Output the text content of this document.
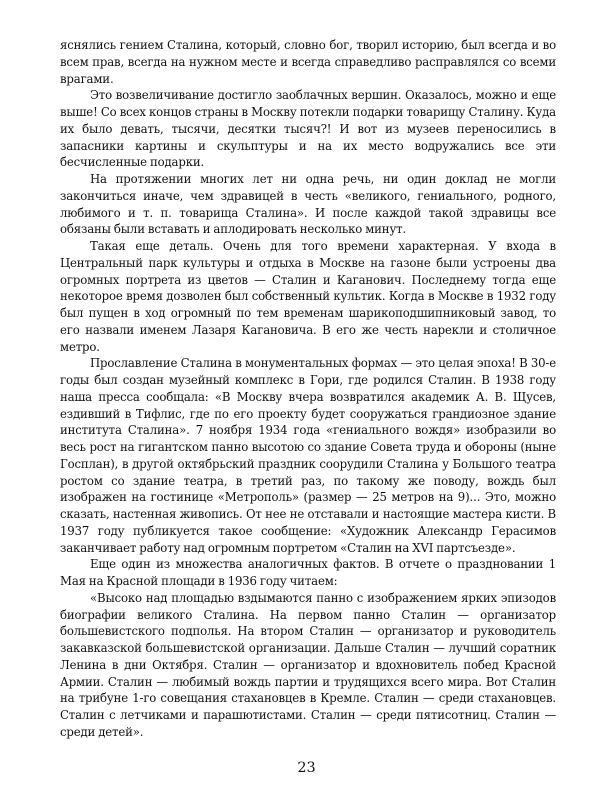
яснялись гением Сталина, который, словно бог, творил историю, был всегда и во всем прав, всегда на нужном месте и всегда справедливо расправлялся со всеми врагами.

Это возвеличивание достигло заоблачных вершин. Оказалось, можно и еще выше! Со всех концов страны в Москву потекли подарки товарищу Сталину. Куда их было девать, тысячи, десятки тысяч?! И вот из музеев переносились в запасники картины и скульптуры и на их место водружались все эти бесчисленные подарки.

На протяжении многих лет ни одна речь, ни один доклад не могли закончиться иначе, чем здравицей в честь «великого, гениального, родного, любимого и т. п. товарища Сталина». И после каждой такой здравицы все обязаны были вставать и аплодировать несколько минут.

Такая еще деталь. Очень для того времени характерная. У входа в Центральный парк культуры и отдыха в Москве на газоне были устроены два огромных портрета из цветов — Сталин и Каганович. Последнему тогда еще некоторое время дозволен был собственный культик. Когда в Москве в 1932 году был пущен в ход огромный по тем временам шарикоподшипниковый завод, то его назвали именем Лазаря Кагановича. В его же честь нарекли и столичное метро.

Прославление Сталина в монументальных формах — это целая эпоха! В 30-е годы был создан музейный комплекс в Гори, где родился Сталин. В 1938 году наша пресса сообщала: «В Москву вчера возвратился академик А. В. Щусев, ездивший в Тифлис, где по его проекту будет сооружаться грандиозное здание института Сталина». 7 ноября 1934 года «гениального вождя» изобразили во весь рост на гигантском панно высотою со здание Совета труда и обороны (ныне Госплан), в другой октябрьский праздник соорудили Сталина у Большого театра ростом со здание театра, в третий раз, по такому же поводу, вождь был изображен на гостинице «Метрополь» (размер — 25 метров на 9)... Это, можно сказать, настенная живопись. От нее не отставали и настоящие мастера кисти. В 1937 году публикуется такое сообщение: «Художник Александр Герасимов заканчивает работу над огромным портретом «Сталин на XVI партсъезде».

Еще один из множества аналогичных фактов. В отчете о праздновании 1 Мая на Красной площади в 1936 году читаем:

«Высоко над площадью вздымаются панно с изображением ярких эпизодов биографии великого Сталина. На первом панно Сталин — организатор большевистского подполья. На втором Сталин — организатор и руководитель закавказской большевистской организации. Дальше Сталин — лучший соратник Ленина в дни Октября. Сталин — организатор и вдохновитель побед Красной Армии. Сталин — любимый вождь партии и трудящихся всего мира. Вот Сталин на трибуне 1-го совещания стахановцев в Кремле. Сталин — среди стахановцев. Сталин с летчиками и парашютистами. Сталин — среди пятисотниц. Сталин — среди детей».

23
